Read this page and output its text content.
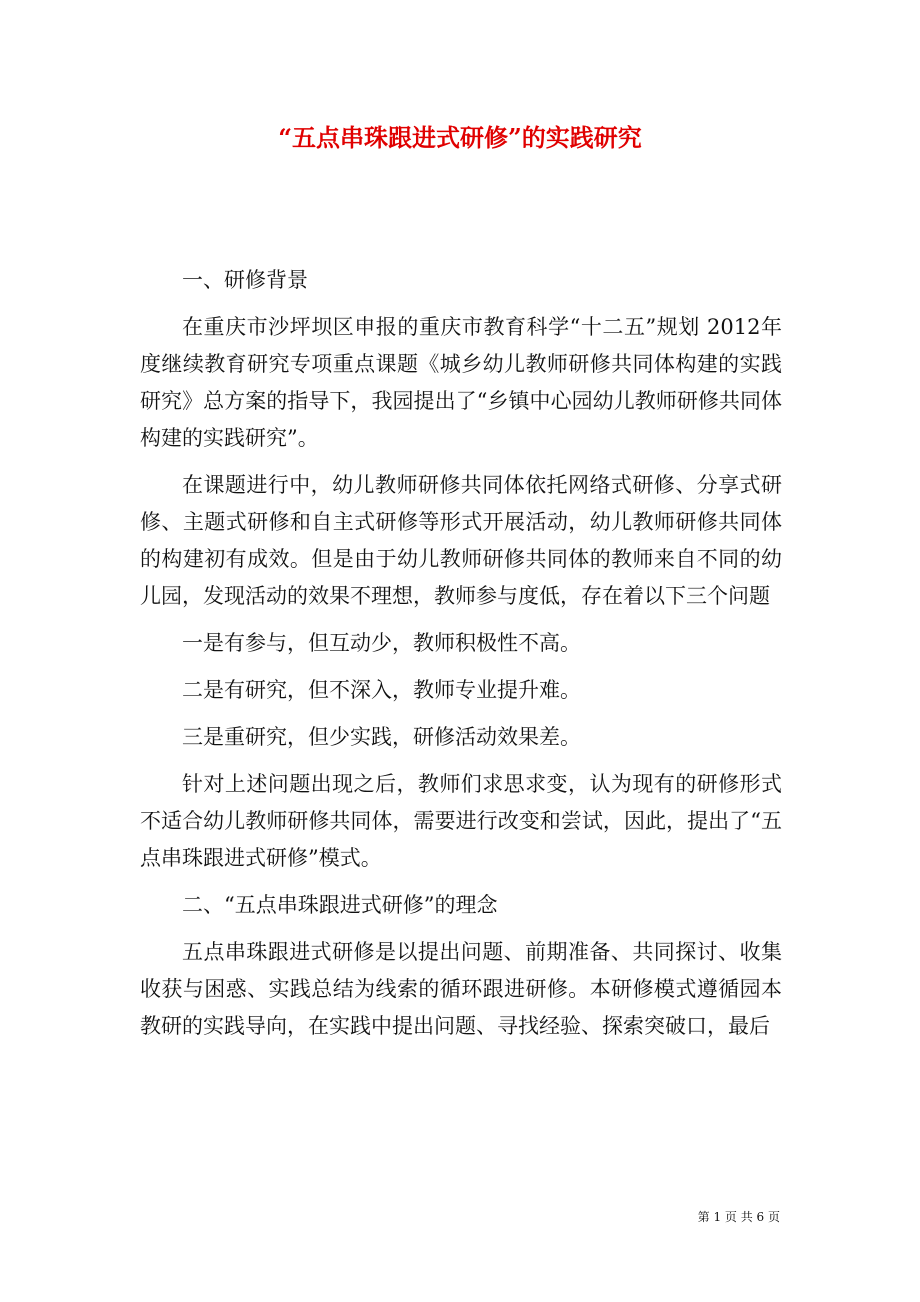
“五点串珠跟进式研修”的实践研究

一、研修背景

在重庆市沙坪坝区申报的重庆市教育科学“十二五”规划 2012年度继续教育研究专项重点课题《城乡幼儿教师研修共同体构建的实践研究》总方案的指导下，我园提出了“乡镇中心园幼儿教师研修共同体构建的实践研究”。

在课题进行中，幼儿教师研修共同体依托网络式研修、分享式研修、主题式研修和自主式研修等形式开展活动，幼儿教师研修共同体的构建初有成效。但是由于幼儿教师研修共同体的教师来自不同的幼儿园，发现活动的效果不理想，教师参与度低，存在着以下三个问题

一是有参与，但互动少，教师积极性不高。

二是有研究，但不深入，教师专业提升难。

三是重研究，但少实践，研修活动效果差。

针对上述问题出现之后，教师们求思求变，认为现有的研修形式不适合幼儿教师研修共同体，需要进行改变和尝试，因此，提出了“五点串珠跟进式研修”模式。

二、“五点串珠跟进式研修”的理念

五点串珠跟进式研修是以提出问题、前期准备、共同探讨、收集收获与困惑、实践总结为线索的循环跟进研修。本研修模式遵循园本教研的实践导向，在实践中提出问题、寻找经验、探索突破口，最后

第 1 页 共 6 页
